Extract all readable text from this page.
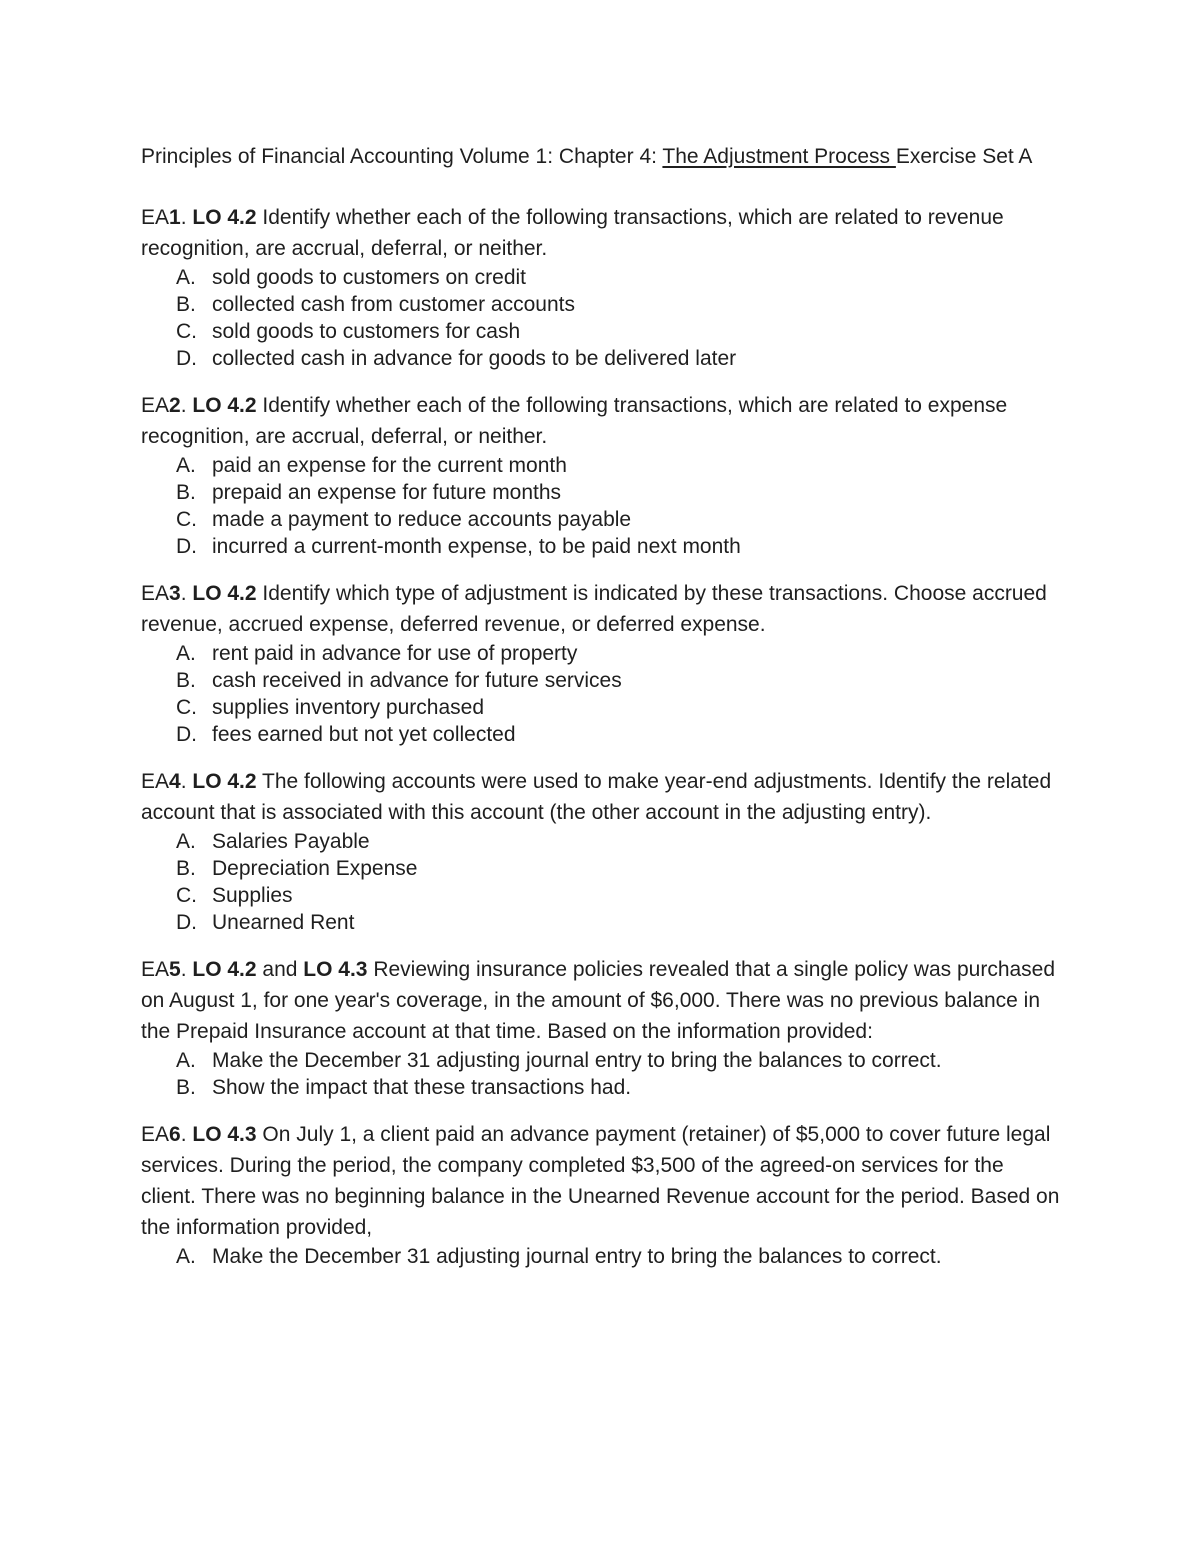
Principles of Financial Accounting Volume 1: Chapter 4: The Adjustment Process Exercise Set A

EA1. LO 4.2 Identify whether each of the following transactions, which are related to revenue recognition, are accrual, deferral, or neither.

A. sold goods to customers on credit
B. collected cash from customer accounts
C. sold goods to customers for cash
D. collected cash in advance for goods to be delivered later

EA2. LO 4.2 Identify whether each of the following transactions, which are related to expense recognition, are accrual, deferral, or neither.

A. paid an expense for the current month
B. prepaid an expense for future months
C. made a payment to reduce accounts payable
D. incurred a current-month expense, to be paid next month

EA3. LO 4.2 Identify which type of adjustment is indicated by these transactions. Choose accrued revenue, accrued expense, deferred revenue, or deferred expense.

A. rent paid in advance for use of property
B. cash received in advance for future services
C. supplies inventory purchased
D. fees earned but not yet collected

EA4. LO 4.2 The following accounts were used to make year-end adjustments. Identify the related account that is associated with this account (the other account in the adjusting entry).

A. Salaries Payable
B. Depreciation Expense
C. Supplies
D. Unearned Rent

EA5. LO 4.2 and LO 4.3 Reviewing insurance policies revealed that a single policy was purchased on August 1, for one year's coverage, in the amount of $6,000. There was no previous balance in the Prepaid Insurance account at that time. Based on the information provided:

A. Make the December 31 adjusting journal entry to bring the balances to correct.
B. Show the impact that these transactions had.

EA6. LO 4.3 On July 1, a client paid an advance payment (retainer) of $5,000 to cover future legal services. During the period, the company completed $3,500 of the agreed-on services for the client. There was no beginning balance in the Unearned Revenue account for the period. Based on the information provided,

A. Make the December 31 adjusting journal entry to bring the balances to correct.
